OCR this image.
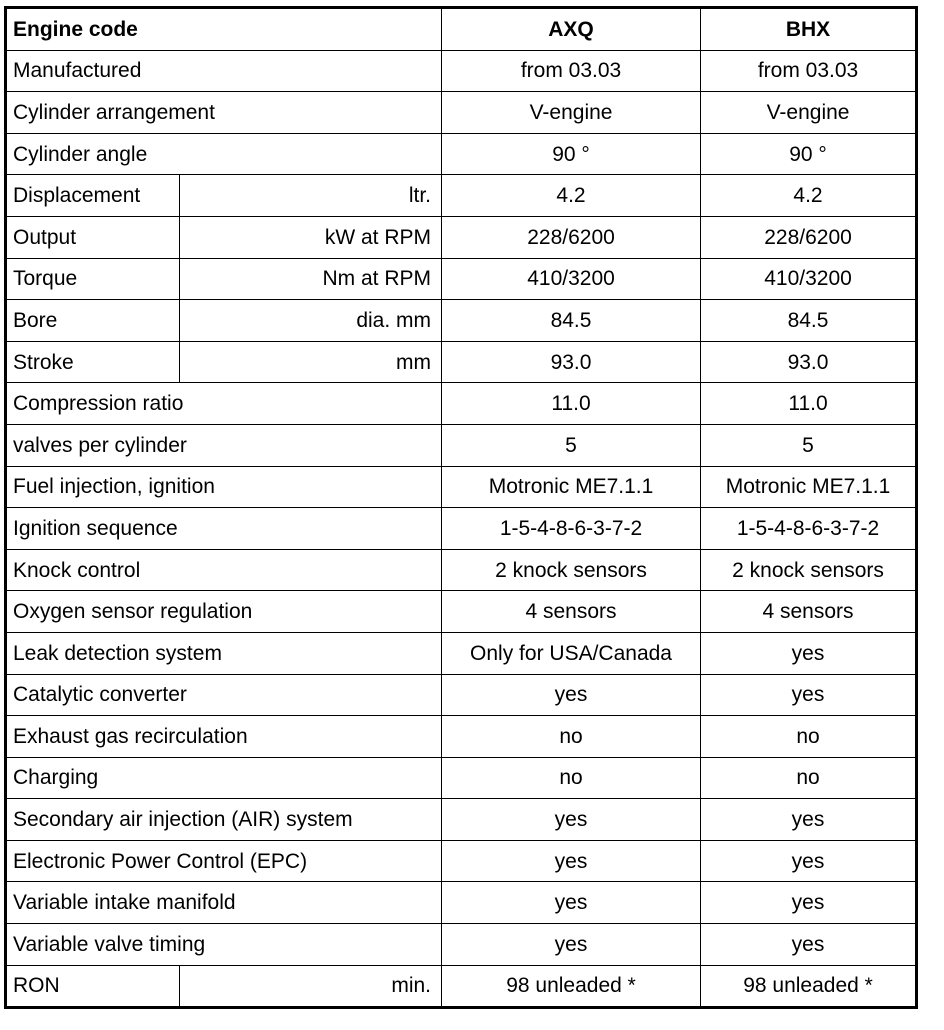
Engine code		AXQ	BHX
Manufactured		from 03.03	from 03.03
Cylinder arrangement		V-engine	V-engine
Cylinder angle		90 °	90 °
Displacement	ltr.	4.2	4.2
Output	kW at RPM	228/6200	228/6200
Torque	Nm at RPM	410/3200	410/3200
Bore	dia. mm	84.5	84.5
Stroke	mm	93.0	93.0
Compression ratio		11.0	11.0
valves per cylinder		5	5
Fuel injection, ignition		Motronic ME7.1.1	Motronic ME7.1.1
Ignition sequence		1-5-4-8-6-3-7-2	1-5-4-8-6-3-7-2
Knock control		2 knock sensors	2 knock sensors
Oxygen sensor regulation		4 sensors	4 sensors
Leak detection system		Only for USA/Canada	yes
Catalytic converter		yes	yes
Exhaust gas recirculation		no	no
Charging		no	no
Secondary air injection (AIR) system		yes	yes
Electronic Power Control (EPC)		yes	yes
Variable intake manifold		yes	yes
Variable valve timing		yes	yes
RON	min.	98 unleaded *	98 unleaded *
